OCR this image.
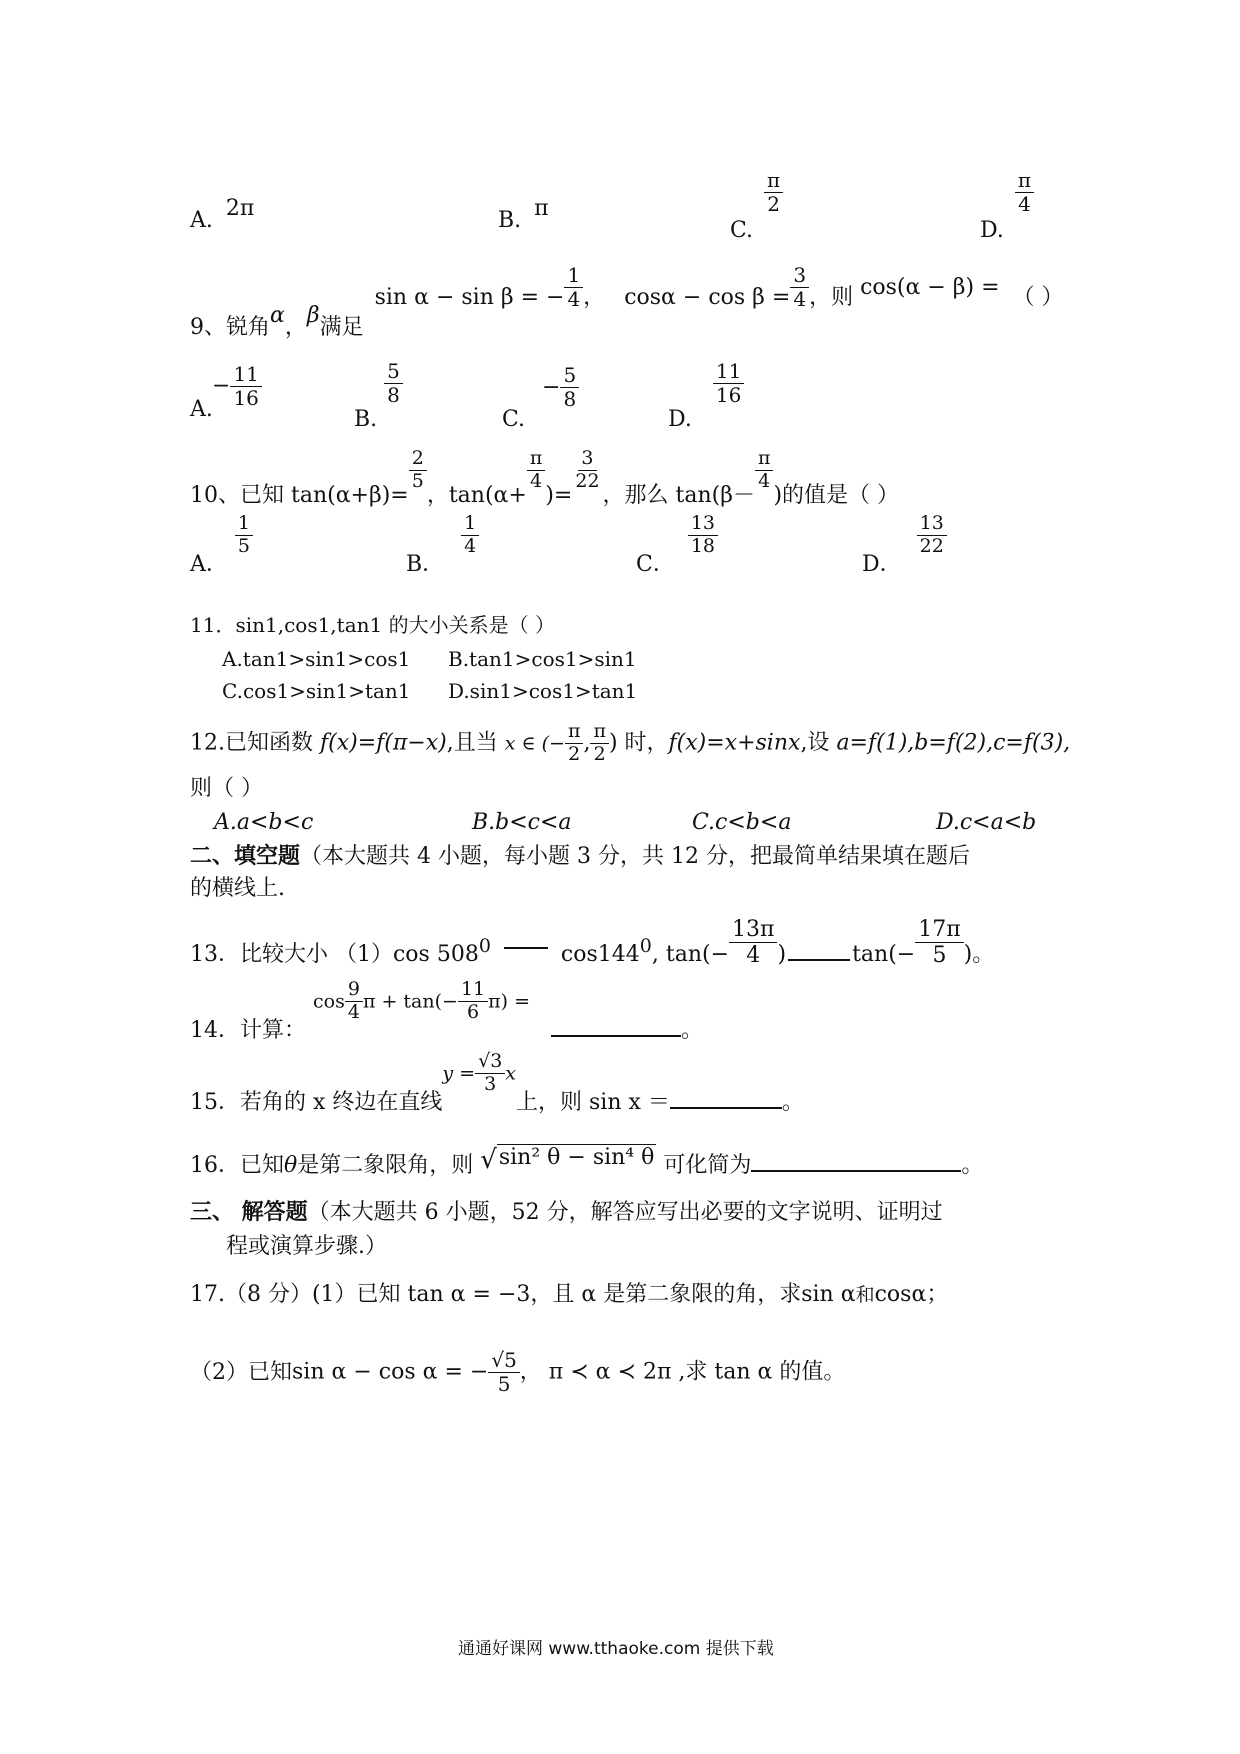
A. 2π	B. π
C.
$\frac{\pi}{2}$
D.
$\frac{\pi}{4}$
9、锐角α，β满足 sin α − sin β = − $\frac{1}{4}$ ， $\cos\alpha - \cos \beta = \frac{3}{4}$ ，则 cos(α − β) = （ ）
A.
− $\frac{11}{16}$
B.
$\frac{5}{8}$
C. − $\frac{5}{8}$
D.
$\frac{11}{16}$
10、已知 tan(α+β)=
$\frac{2}{5}$
，tan(α+
$\frac{\pi}{4}$
)=
$\frac{3}{22}$
，那么 tan(β－
$\frac{\pi}{4}$
)的值是（ ）
A．
$\frac{1}{5}$
B．
$\frac{1}{4}$
C．
$\frac{13}{18}$
D．
$\frac{13}{22}$
11．sin1,cos1,tan1 的大小关系是（ ）
A.tan1>sin1>cos1 B.tan1>cos1>sin1
C.cos1>sin1>tan1 D.sin1>cos1>tan1
12.已知函数 f(x)=f(π−x),且当 x ∈ (− $\frac{\pi}{2}$ , $\frac{\pi}{2}$ ) 时，f(x)=x+sinx,设 a=f(1),b=f(2),c=f(3),
则（ ）
A.a<b<c	B.b<c<a	C.c<b<a	D.c<a<b
二、填空题（本大题共 4 小题，每小题 3 分，共 12 分，把最简单结果填在题后
的横线上.
13．比较大小 （1）cos $508^0$	$\cos 144^0$, $\tan(- \frac{13\pi}{4}$ )	$\tan(- \frac{17\pi}{5}$ )。
14．计算： $\cos \frac{9}{4}$ $\pi + \tan(- \frac{11}{6} \pi)$ = 。
15．若角的 x 终边在直线$y = \frac{√3}{3}$ x上，则 sin x ＝	。
16．已知θ是第二象限角，则 √sin² θ − sin⁴ θ 可化简为	。
三、 解答题（本大题共 6 小题，52 分，解答应写出必要的文字说明、证明过
程或演算步骤.）
17.（8 分）(1）已知 tan α = −3，且 α 是第二象限的角，求sin α和cosα；
（2）已知sin α − cos α = − $\frac{√5}{5}$ ， π ≺ α ≺ 2π ,求 tan α 的值。
通通好课网 www.tthaoke.com 提供下载
